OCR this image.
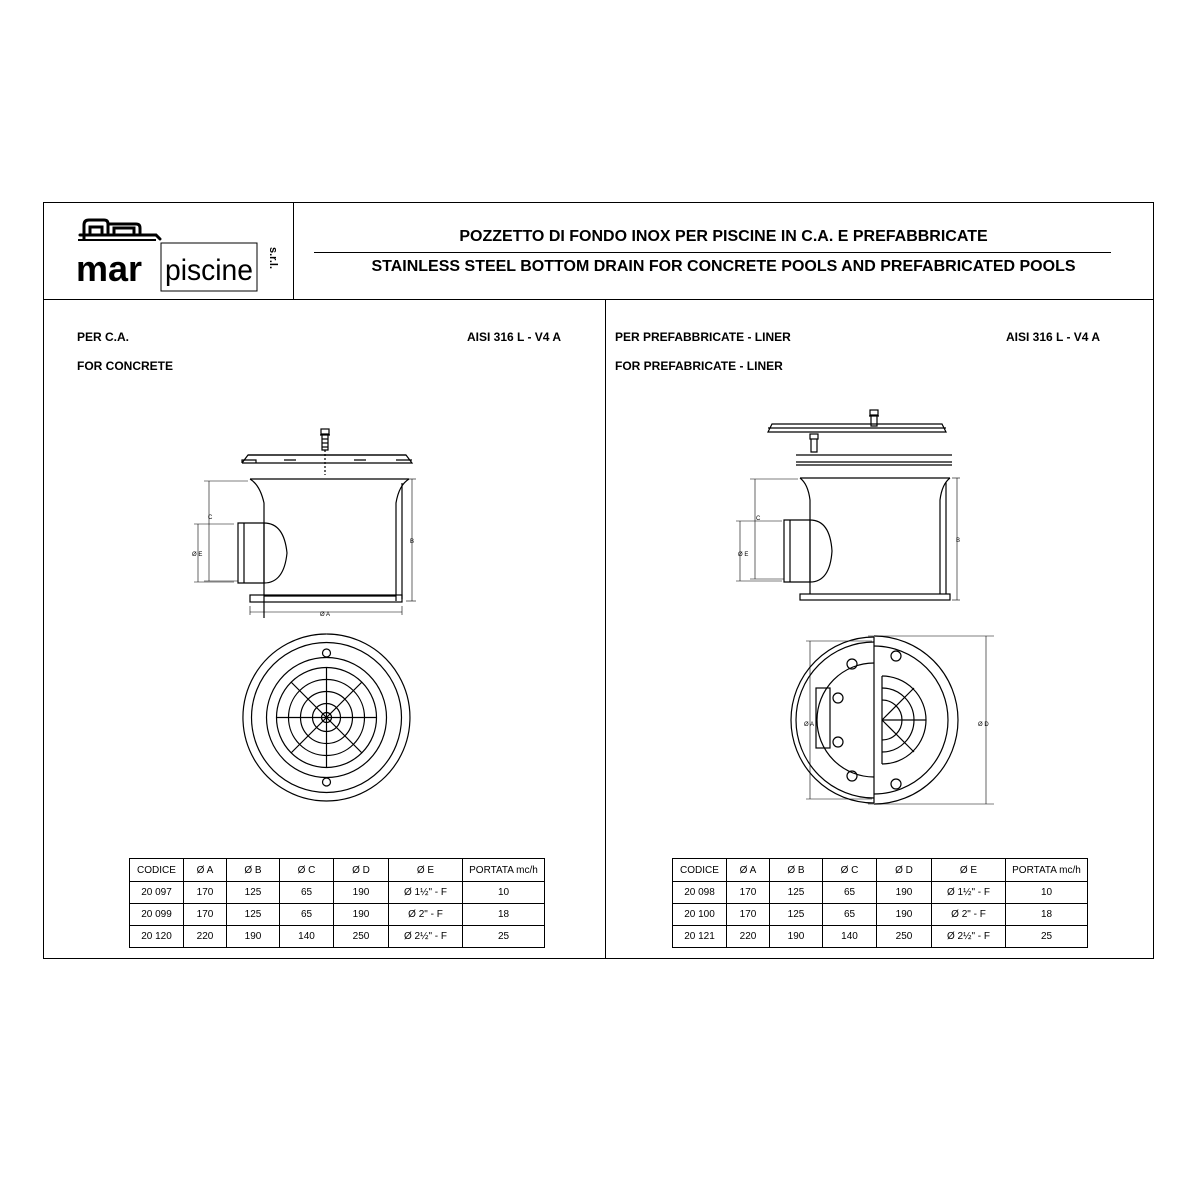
mar piscine s.r.l.
POZZETTO DI FONDO INOX PER PISCINE IN C.A. E PREFABBRICATE
STAINLESS STEEL BOTTOM DRAIN FOR CONCRETE POOLS AND PREFABRICATED POOLS
PER C.A.
FOR CONCRETE
AISI 316 L - V4 A	PER PREFABBRICATE - LINER
FOR PREFABRICATE - LINER
AISI 316 L - V4 A
C
Ø E
B
Ø A
C
Ø E
B
Ø A	Ø D
CODICE	Ø A	Ø B	Ø C	Ø D	Ø E	PORTATA mc/h
20 097	170	125	65	190	Ø 1½" - F	10
20 099	170	125	65	190	Ø 2" - F	18
20 120	220	190	140	250	Ø 2½" - F	25
CODICE	Ø A	Ø B	Ø C	Ø D	Ø E	PORTATA mc/h
20 098	170	125	65	190	Ø 1½" - F	10
20 100	170	125	65	190	Ø 2" - F	18
20 121	220	190	140	250	Ø 2½" - F	25
